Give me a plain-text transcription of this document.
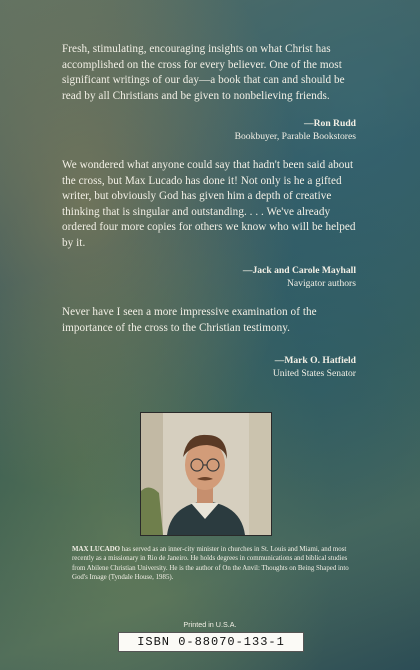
Fresh, stimulating, encouraging insights on what Christ has accomplished on the cross for every believer. One of the most significant writings of our day—a book that can and should be read by all Christians and be given to nonbelieving friends.

—Ron Rudd
Bookbuyer, Parable Bookstores

We wondered what anyone could say that hadn't been said about the cross, but Max Lucado has done it! Not only is he a gifted writer, but obviously God has given him a depth of creative thinking that is singular and outstanding. . . . We've already ordered four more copies for others we know who will be helped by it.

—Jack and Carole Mayhall
Navigator authors

Never have I seen a more impressive examination of the importance of the cross to the Christian testimony.

—Mark O. Hatfield
United States Senator
MAX LUCADO has served as an inner-city minister in churches in St. Louis and Miami, and most recently as a missionary in Rio de Janeiro. He holds degrees in communications and biblical studies from Abilene Christian University. He is the author of On the Anvil: Thoughts on Being Shaped into God's Image (Tyndale House, 1985).
Printed in U.S.A.
ISBN 0-88070-133-1
